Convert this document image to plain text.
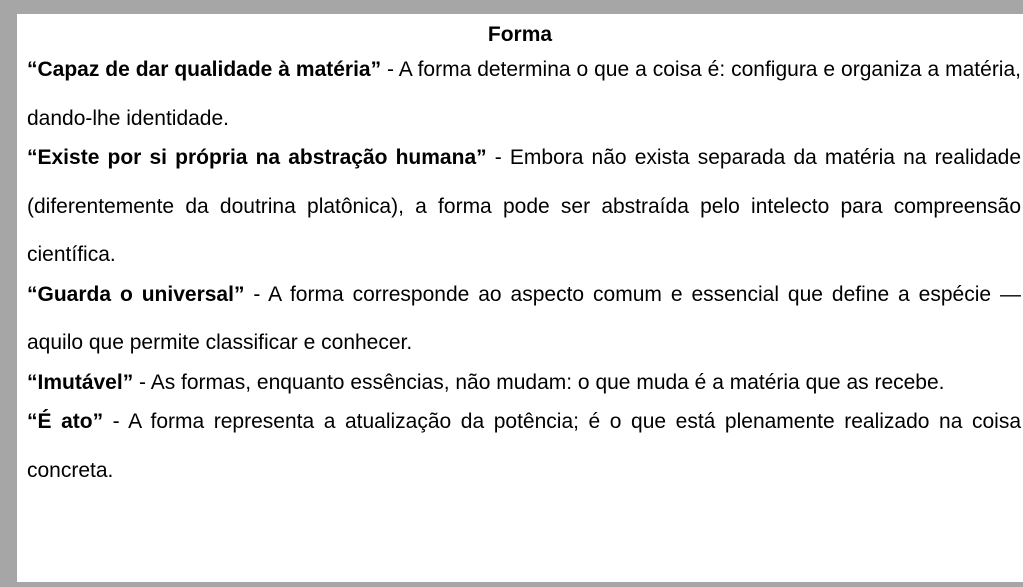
Forma

“Capaz de dar qualidade à matéria” - A forma determina o que a coisa é: configura e organiza a matéria, dando-lhe identidade.

“Existe por si própria na abstração humana” - Embora não exista separada da matéria na realidade (diferentemente da doutrina platônica), a forma pode ser abstraída pelo intelecto para compreensão científica.

“Guarda o universal” - A forma corresponde ao aspecto comum e essencial que define a espécie — aquilo que permite classificar e conhecer.

“Imutável” - As formas, enquanto essências, não mudam: o que muda é a matéria que as recebe.

“É ato” - A forma representa a atualização da potência; é o que está plenamente realizado na coisa concreta.
